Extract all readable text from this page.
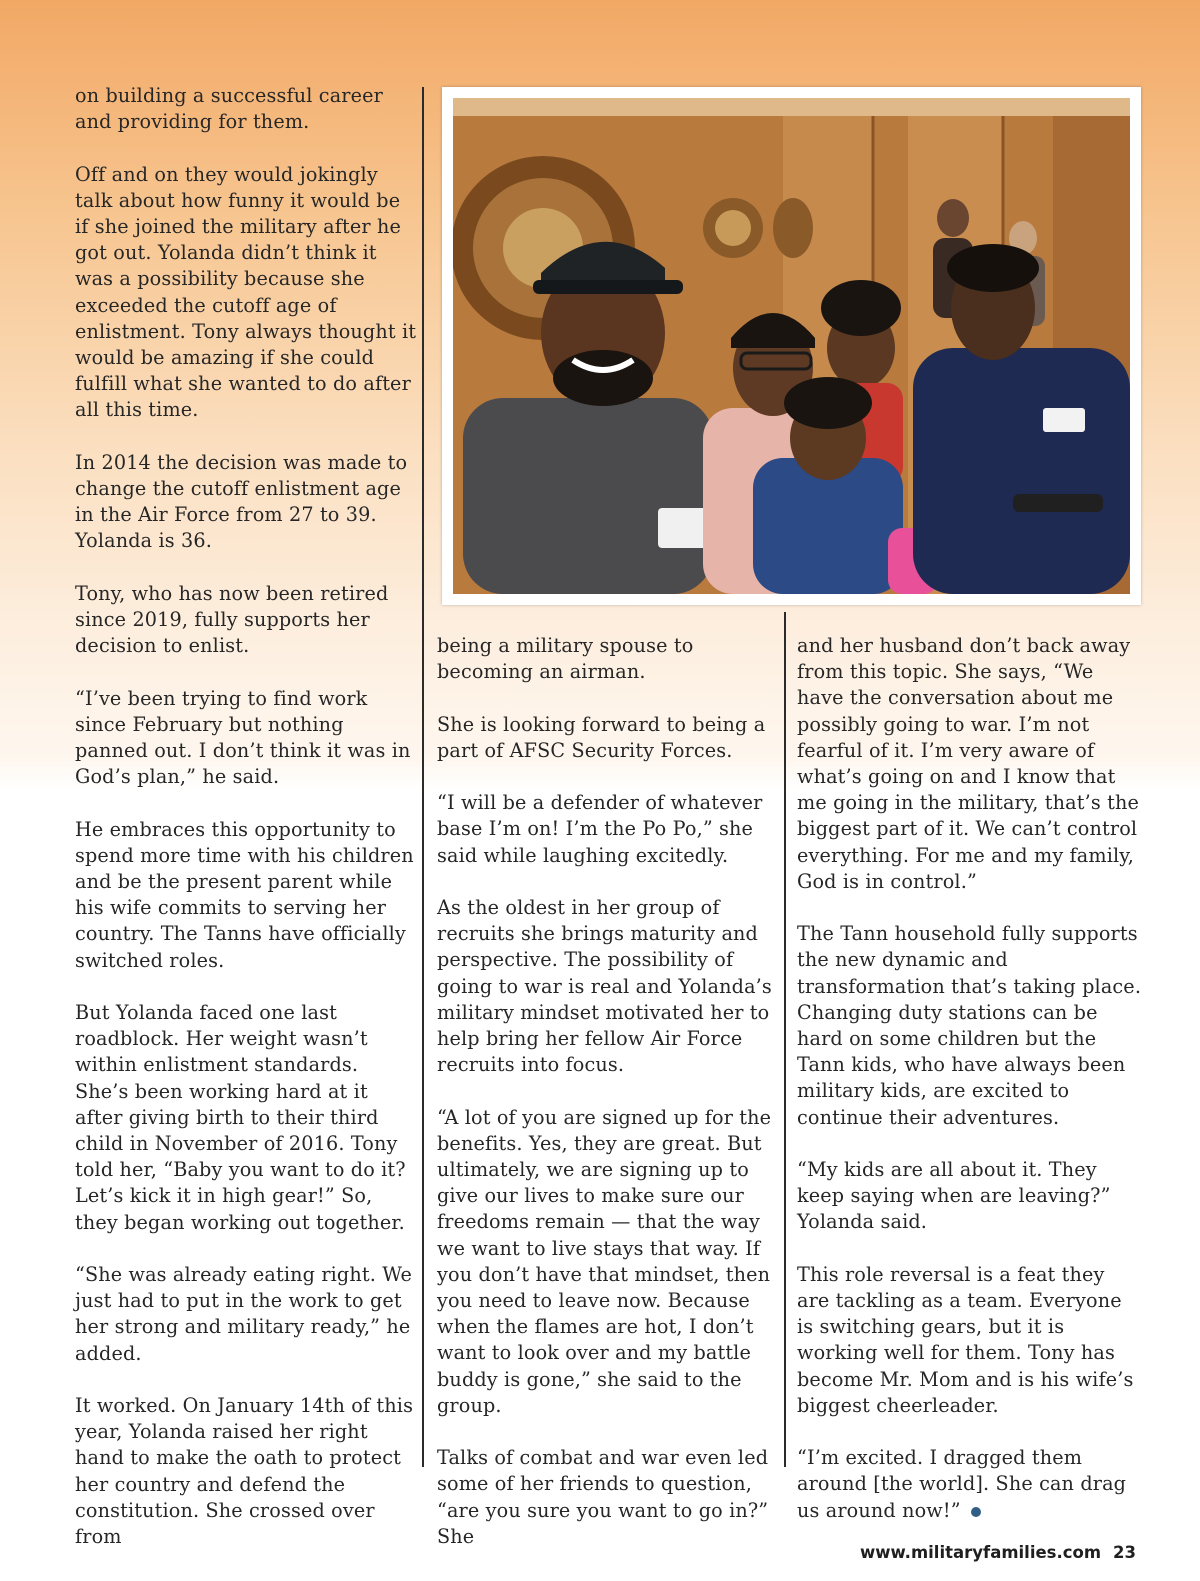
on building a successful career and providing for them.

Off and on they would jokingly talk about how funny it would be if she joined the military after he got out. Yolanda didn’t think it was a possibility because she exceeded the cutoff age of enlistment. Tony always thought it would be amazing if she could fulfill what she wanted to do after all this time.

In 2014 the decision was made to change the cutoff enlistment age in the Air Force from 27 to 39. Yolanda is 36.

Tony, who has now been retired since 2019, fully supports her decision to enlist.

“I’ve been trying to find work since February but nothing panned out. I don’t think it was in God’s plan,” he said.

He embraces this opportunity to spend more time with his children and be the present parent while his wife commits to serving her country. The Tanns have officially switched roles.

But Yolanda faced one last roadblock. Her weight wasn’t within enlistment standards. She’s been working hard at it after giving birth to their third child in November of 2016. Tony told her, “Baby you want to do it? Let’s kick it in high gear!” So, they began working out together.

“She was already eating right. We just had to put in the work to get her strong and military ready,” he added.

It worked. On January 14th of this year, Yolanda raised her right hand to make the oath to protect her country and defend the constitution. She crossed over from

being a military spouse to becoming an airman.

She is looking forward to being a part of AFSC Security Forces.

“I will be a defender of whatever base I’m on! I’m the Po Po,” she said while laughing excitedly.

As the oldest in her group of recruits she brings maturity and perspective. The possibility of going to war is real and Yolanda’s military mindset motivated her to help bring her fellow Air Force recruits into focus.

“A lot of you are signed up for the benefits. Yes, they are great. But ultimately, we are signing up to give our lives to make sure our freedoms remain — that the way we want to live stays that way. If you don’t have that mindset, then you need to leave now. Because when the flames are hot, I don’t want to look over and my battle buddy is gone,” she said to the group.

Talks of combat and war even led some of her friends to question, “are you sure you want to go in?” She

and her husband don’t back away from this topic. She says, “We have the conversation about me possibly going to war. I’m not fearful of it. I’m very aware of what’s going on and I know that me going in the military, that’s the biggest part of it. We can’t control everything. For me and my family, God is in control.”

The Tann household fully supports the new dynamic and transformation that’s taking place. Changing duty stations can be hard on some children but the Tann kids, who have always been military kids, are excited to continue their adventures.

“My kids are all about it. They keep saying when are leaving?” Yolanda said.

This role reversal is a feat they are tackling as a team. Everyone is switching gears, but it is working well for them. Tony has become Mr. Mom and is his wife’s biggest cheerleader.

“I’m excited. I dragged them around [the world]. She can drag us around now!”

www.militaryfamilies.com 23
